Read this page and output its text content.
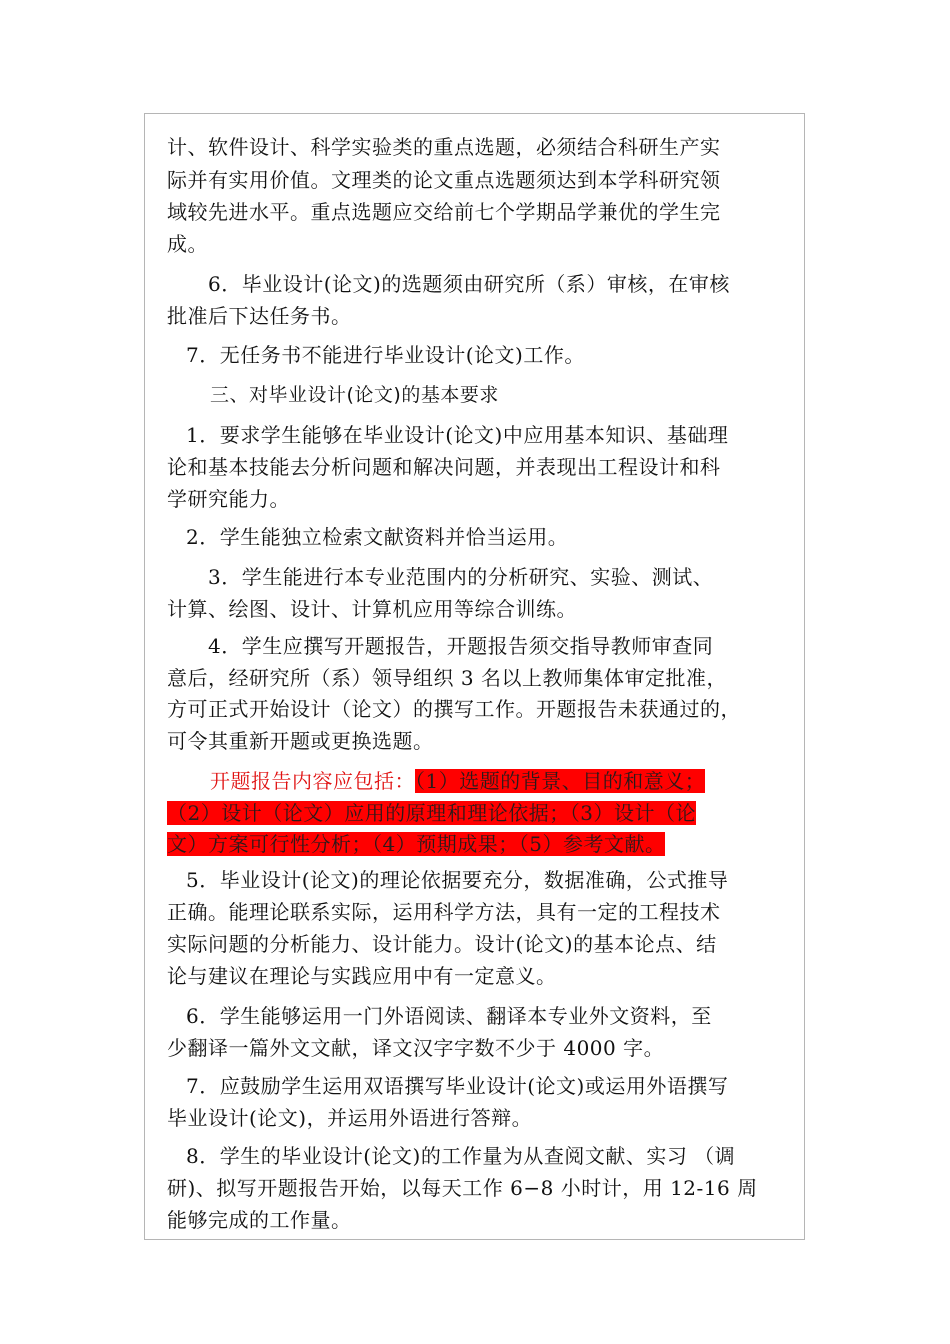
计、软件设计、科学实验类的重点选题，必须结合科研生产实
际并有实用价值。文理类的论文重点选题须达到本学科研究领
域较先进水平。重点选题应交给前七个学期品学兼优的学生完
成。
6．毕业设计(论文)的选题须由研究所（系）审核，在审核
批准后下达任务书。
7．无任务书不能进行毕业设计(论文)工作。
三、对毕业设计(论文)的基本要求
1．要求学生能够在毕业设计(论文)中应用基本知识、基础理
论和基本技能去分析问题和解决问题，并表现出工程设计和科
学研究能力。
2．学生能独立检索文献资料并恰当运用。
3．学生能进行本专业范围内的分析研究、实验、测试、
计算、绘图、设计、计算机应用等综合训练。
4．学生应撰写开题报告，开题报告须交指导教师审查同
意后，经研究所（系）领导组织 3 名以上教师集体审定批准，
方可正式开始设计（论文）的撰写工作。开题报告未获通过的，
可令其重新开题或更换选题。
开题报告内容应包括：（1）选题的背景、目的和意义；
（2）设计（论文）应用的原理和理论依据；（3）设计（论
文）方案可行性分析；（4）预期成果；（5）参考文献。
5．毕业设计(论文)的理论依据要充分，数据准确，公式推导
正确。能理论联系实际，运用科学方法，具有一定的工程技术
实际问题的分析能力、设计能力。设计(论文)的基本论点、结
论与建议在理论与实践应用中有一定意义。
6．学生能够运用一门外语阅读、翻译本专业外文资料，至
少翻译一篇外文文献，译文汉字字数不少于 4000 字。
7．应鼓励学生运用双语撰写毕业设计(论文)或运用外语撰写
毕业设计(论文)，并运用外语进行答辩。
8．学生的毕业设计(论文)的工作量为从查阅文献、实习 （调
研)、拟写开题报告开始，以每天工作 6−8 小时计，用 12-16 周
能够完成的工作量。
